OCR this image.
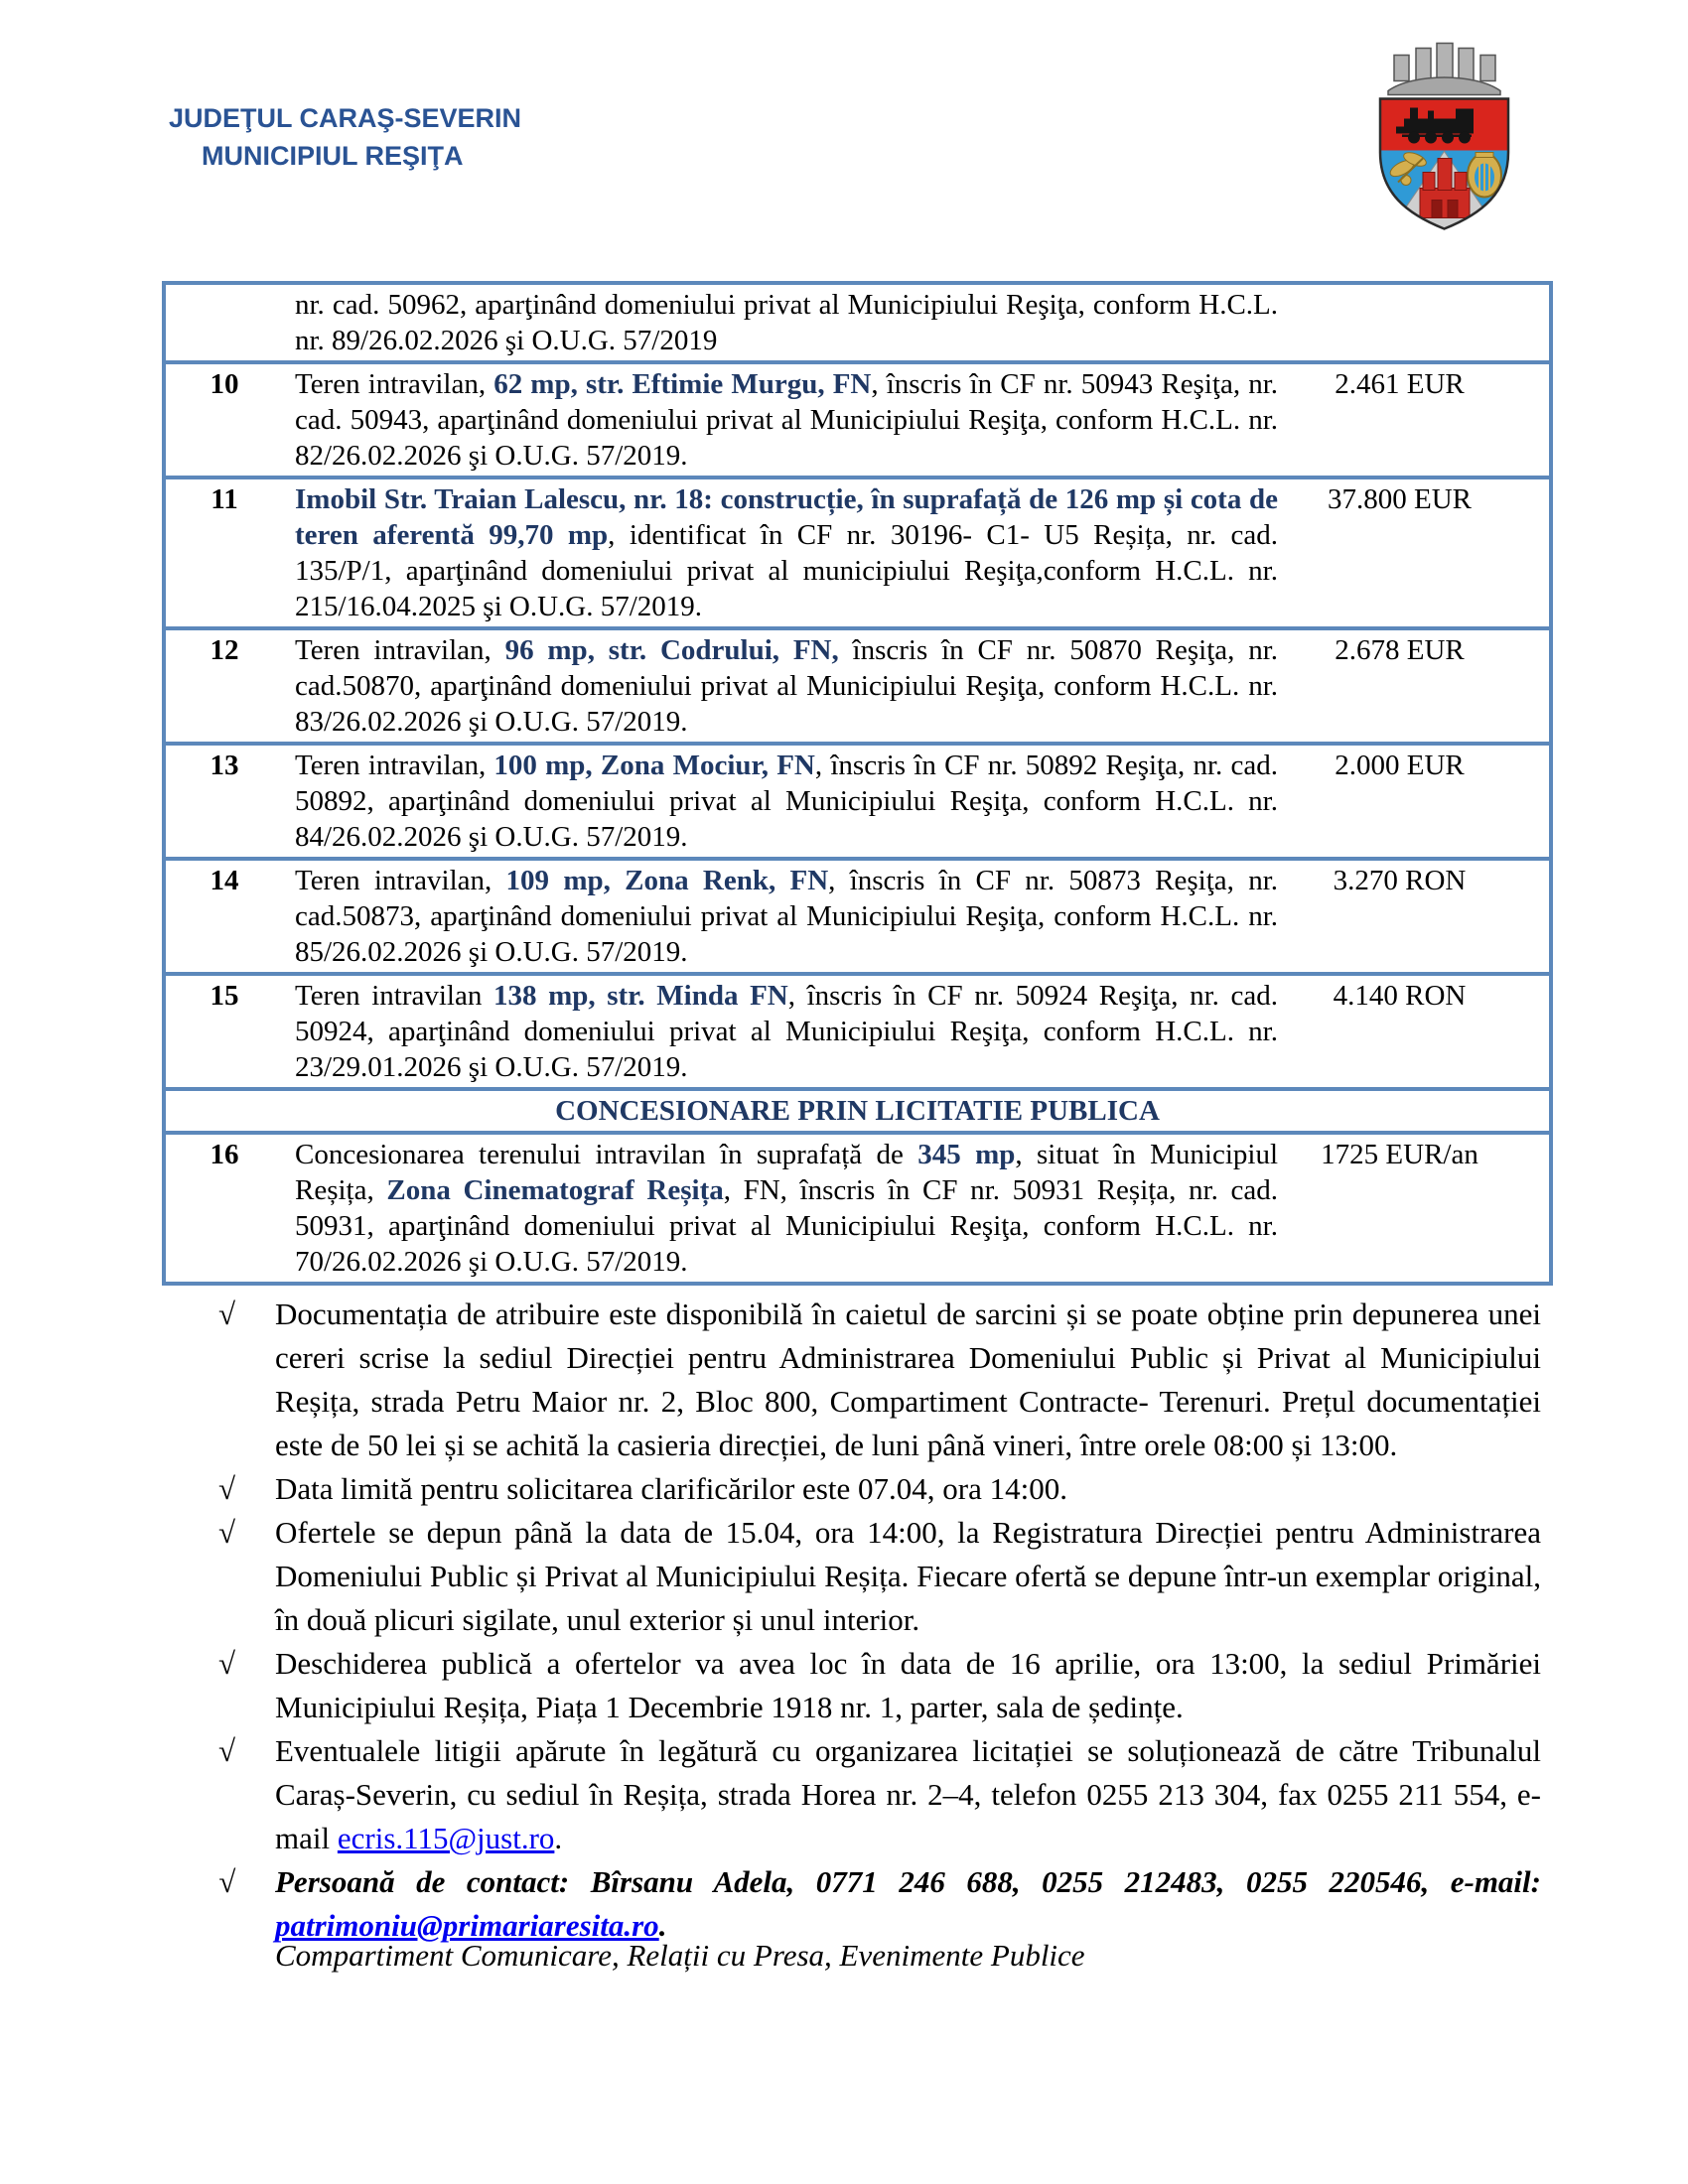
JUDEŢUL CARAŞ-SEVERIN
MUNICIPIUL REŞIŢA
	nr. cad. 50962, aparţinând domeniului privat al Municipiului Reşiţa, conform H.C.L. nr. 89/26.02.2026 şi O.U.G. 57/2019	
10	Teren intravilan, 62 mp, str. Eftimie Murgu, FN, înscris în CF nr. 50943 Reşiţa, nr. cad. 50943, aparţinând domeniului privat al Municipiului Reşiţa, conform H.C.L. nr. 82/26.02.2026 şi O.U.G. 57/2019.	2.461 EUR
11	Imobil Str. Traian Lalescu, nr. 18: construcție, în suprafață de 126 mp și cota de teren aferentă 99,70 mp, identificat în CF nr. 30196- C1- U5 Reșița, nr. cad. 135/P/1, aparţinând domeniului privat al municipiului Reşiţa,conform H.C.L. nr. 215/16.04.2025 şi O.U.G. 57/2019.	37.800 EUR
12	Teren intravilan, 96 mp, str. Codrului, FN, înscris în CF nr. 50870 Reşiţa, nr. cad.50870, aparţinând domeniului privat al Municipiului Reşiţa, conform H.C.L. nr. 83/26.02.2026 şi O.U.G. 57/2019.	2.678 EUR
13	Teren intravilan, 100 mp, Zona Mociur, FN, înscris în CF nr. 50892 Reşiţa, nr. cad. 50892, aparţinând domeniului privat al Municipiului Reşiţa, conform H.C.L. nr. 84/26.02.2026 şi O.U.G. 57/2019.	2.000 EUR
14	Teren intravilan, 109 mp, Zona Renk, FN, înscris în CF nr. 50873 Reşiţa, nr. cad.50873, aparţinând domeniului privat al Municipiului Reşiţa, conform H.C.L. nr. 85/26.02.2026 şi O.U.G. 57/2019.	3.270 RON
15	Teren intravilan 138 mp, str. Minda FN, înscris în CF nr. 50924 Reşiţa, nr. cad. 50924, aparţinând domeniului privat al Municipiului Reşiţa, conform H.C.L. nr. 23/29.01.2026 şi O.U.G. 57/2019.	4.140 RON
CONCESIONARE PRIN LICITATIE PUBLICA		
16	Concesionarea terenului intravilan în suprafață de 345 mp, situat în Municipiul Reșița, Zona Cinematograf Reșița, FN, înscris în CF nr. 50931 Reșița, nr. cad. 50931, aparţinând domeniului privat al Municipiului Reşiţa, conform H.C.L. nr. 70/26.02.2026 şi O.U.G. 57/2019.	1725 EUR/an
√ Documentația de atribuire este disponibilă în caietul de sarcini și se poate obține prin depunerea unei cereri scrise la sediul Direcției pentru Administrarea Domeniului Public și Privat al Municipiului Reșița, strada Petru Maior nr. 2, Bloc 800, Compartiment Contracte- Terenuri. Prețul documentației este de 50 lei și se achită la casieria direcției, de luni până vineri, între orele 08:00 și 13:00.
√ Data limită pentru solicitarea clarificărilor este 07.04, ora 14:00.
√ Ofertele se depun până la data de 15.04, ora 14:00, la Registratura Direcției pentru Administrarea Domeniului Public și Privat al Municipiului Reșița. Fiecare ofertă se depune într-un exemplar original, în două plicuri sigilate, unul exterior și unul interior.
√ Deschiderea publică a ofertelor va avea loc în data de 16 aprilie, ora 13:00, la sediul Primăriei Municipiului Reșița, Piața 1 Decembrie 1918 nr. 1, parter, sala de ședințe.
√ Eventualele litigii apărute în legătură cu organizarea licitației se soluționează de către Tribunalul Caraș-Severin, cu sediul în Reșița, strada Horea nr. 2–4, telefon 0255 213 304, fax 0255 211 554, e-mail ecris.115@just.ro.
√ Persoană de contact: Bîrsanu Adela, 0771 246 688, 0255 212483, 0255 220546, e-mail: patrimoniu@primariaresita.ro.
Compartiment Comunicare, Relații cu Presa, Evenimente Publice
